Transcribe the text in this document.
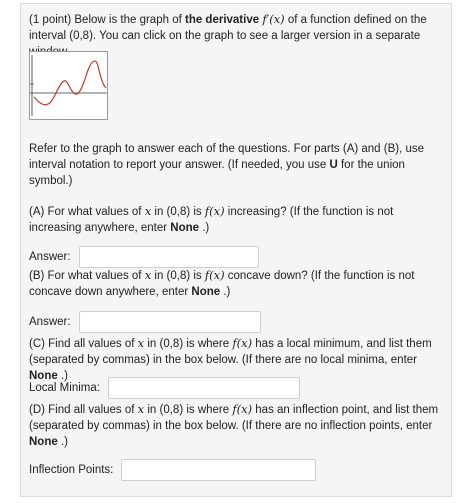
(1 point) Below is the graph of the derivative f′(x) of a function defined on the interval (0,8). You can click on the graph to see a larger version in a separate

Refer to the graph to answer each of the questions. For parts (A) and (B), use interval notation to report your answer. (If needed, you use U for the union symbol.)

(A) For what values of x in (0,8) is f(x) increasing? (If the function is not increasing anywhere, enter None .)

Answer:

(B) For what values of x in (0,8) is f(x) concave down? (If the function is not concave down anywhere, enter None .)

Answer:

(C) Find all values of x in (0,8) is where f(x) has a local minimum, and list them (separated by commas) in the box below. (If there are no local minima, enter None .)

Local Minima:

(D) Find all values of x in (0,8) is where f(x) has an inflection point, and list them (separated by commas) in the box below. (If there are no inflection points, enter None .)

Inflection Points:
